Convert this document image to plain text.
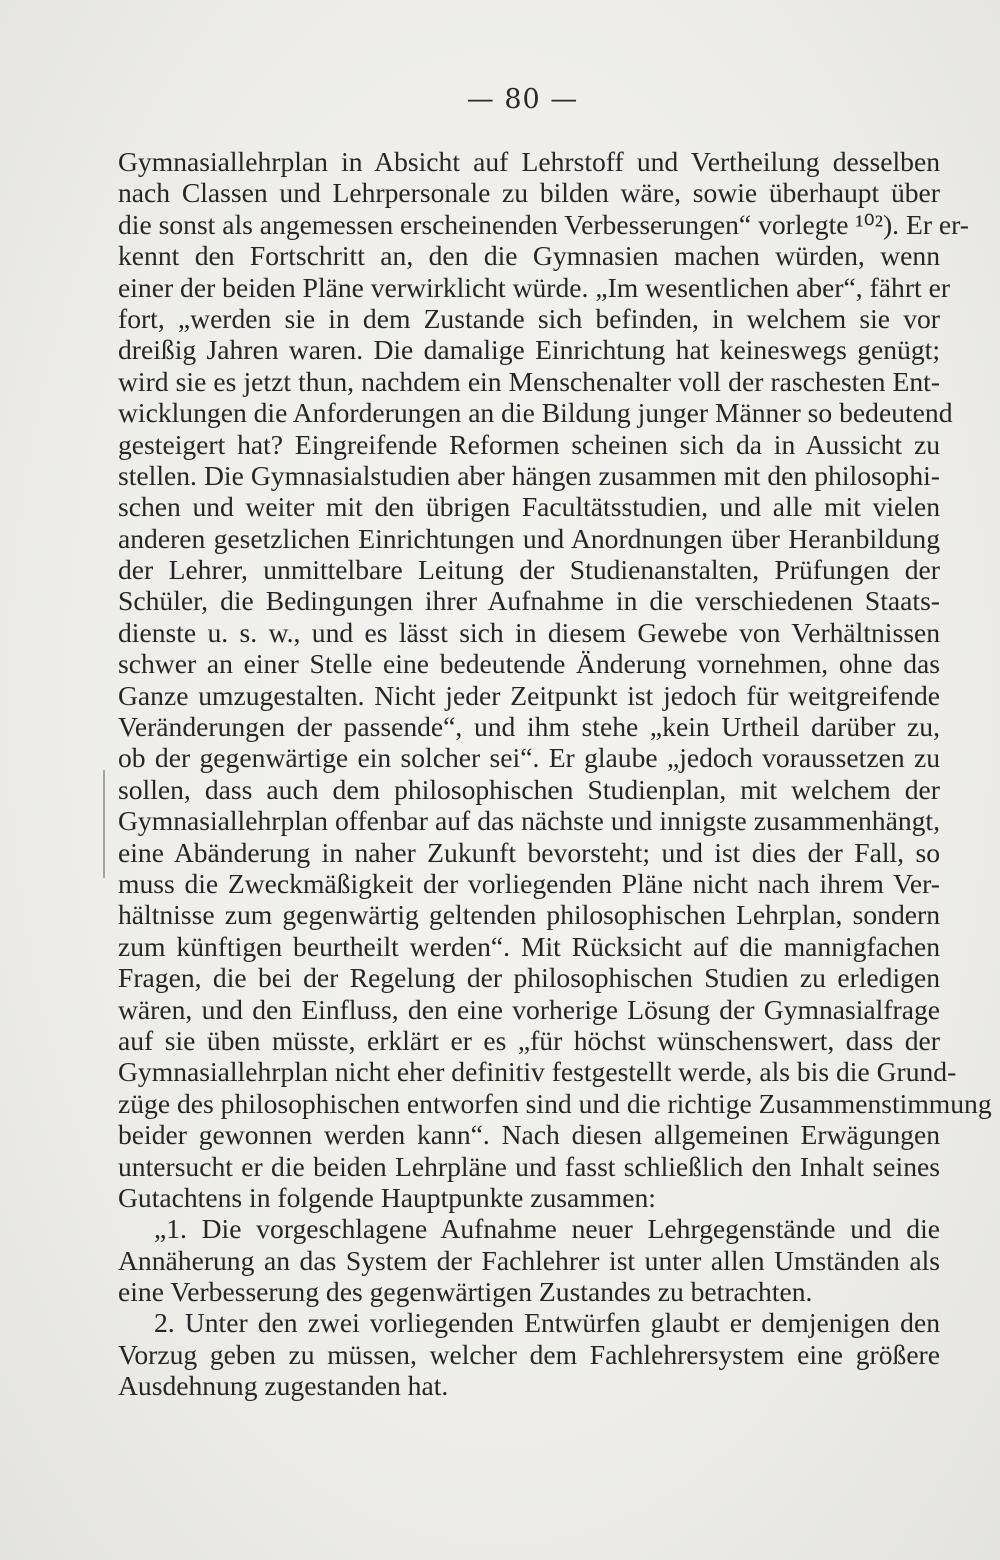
— 80 —
Gymnasiallehrplan in Absicht auf Lehrstoff und Vertheilung desselben
nach Classen und Lehrpersonale zu bilden wäre, sowie überhaupt über
die sonst als angemessen erscheinenden Verbesserungen“ vorlegte ¹⁰²). Er er-
kennt den Fortschritt an, den die Gymnasien machen würden, wenn
einer der beiden Pläne verwirklicht würde. „Im wesentlichen aber“, fährt er
fort, „werden sie in dem Zustande sich befinden, in welchem sie vor
dreißig Jahren waren. Die damalige Einrichtung hat keineswegs genügt;
wird sie es jetzt thun, nachdem ein Menschenalter voll der raschesten Ent-
wicklungen die Anforderungen an die Bildung junger Männer so bedeutend
gesteigert hat? Eingreifende Reformen scheinen sich da in Aussicht zu
stellen. Die Gymnasialstudien aber hängen zusammen mit den philosophi-
schen und weiter mit den übrigen Facultätsstudien, und alle mit vielen
anderen gesetzlichen Einrichtungen und Anordnungen über Heranbildung
der Lehrer, unmittelbare Leitung der Studienanstalten, Prüfungen der
Schüler, die Bedingungen ihrer Aufnahme in die verschiedenen Staats-
dienste u. s. w., und es lässt sich in diesem Gewebe von Verhältnissen
schwer an einer Stelle eine bedeutende Änderung vornehmen, ohne das
Ganze umzugestalten. Nicht jeder Zeitpunkt ist jedoch für weitgreifende
Veränderungen der passende“, und ihm stehe „kein Urtheil darüber zu,
ob der gegenwärtige ein solcher sei“. Er glaube „jedoch voraussetzen zu
sollen, dass auch dem philosophischen Studienplan, mit welchem der
Gymnasiallehrplan offenbar auf das nächste und innigste zusammenhängt,
eine Abänderung in naher Zukunft bevorsteht; und ist dies der Fall, so
muss die Zweckmäßigkeit der vorliegenden Pläne nicht nach ihrem Ver-
hältnisse zum gegenwärtig geltenden philosophischen Lehrplan, sondern
zum künftigen beurtheilt werden“. Mit Rücksicht auf die mannigfachen
Fragen, die bei der Regelung der philosophischen Studien zu erledigen
wären, und den Einfluss, den eine vorherige Lösung der Gymnasialfrage
auf sie üben müsste, erklärt er es „für höchst wünschenswert, dass der
Gymnasiallehrplan nicht eher definitiv festgestellt werde, als bis die Grund-
züge des philosophischen entworfen sind und die richtige Zusammenstimmung
beider gewonnen werden kann“. Nach diesen allgemeinen Erwägungen
untersucht er die beiden Lehrpläne und fasst schließlich den Inhalt seines
Gutachtens in folgende Hauptpunkte zusammen:
„1. Die vorgeschlagene Aufnahme neuer Lehrgegenstände und die
Annäherung an das System der Fachlehrer ist unter allen Umständen als
eine Verbesserung des gegenwärtigen Zustandes zu betrachten.
2. Unter den zwei vorliegenden Entwürfen glaubt er demjenigen den
Vorzug geben zu müssen, welcher dem Fachlehrersystem eine größere
Ausdehnung zugestanden hat.
